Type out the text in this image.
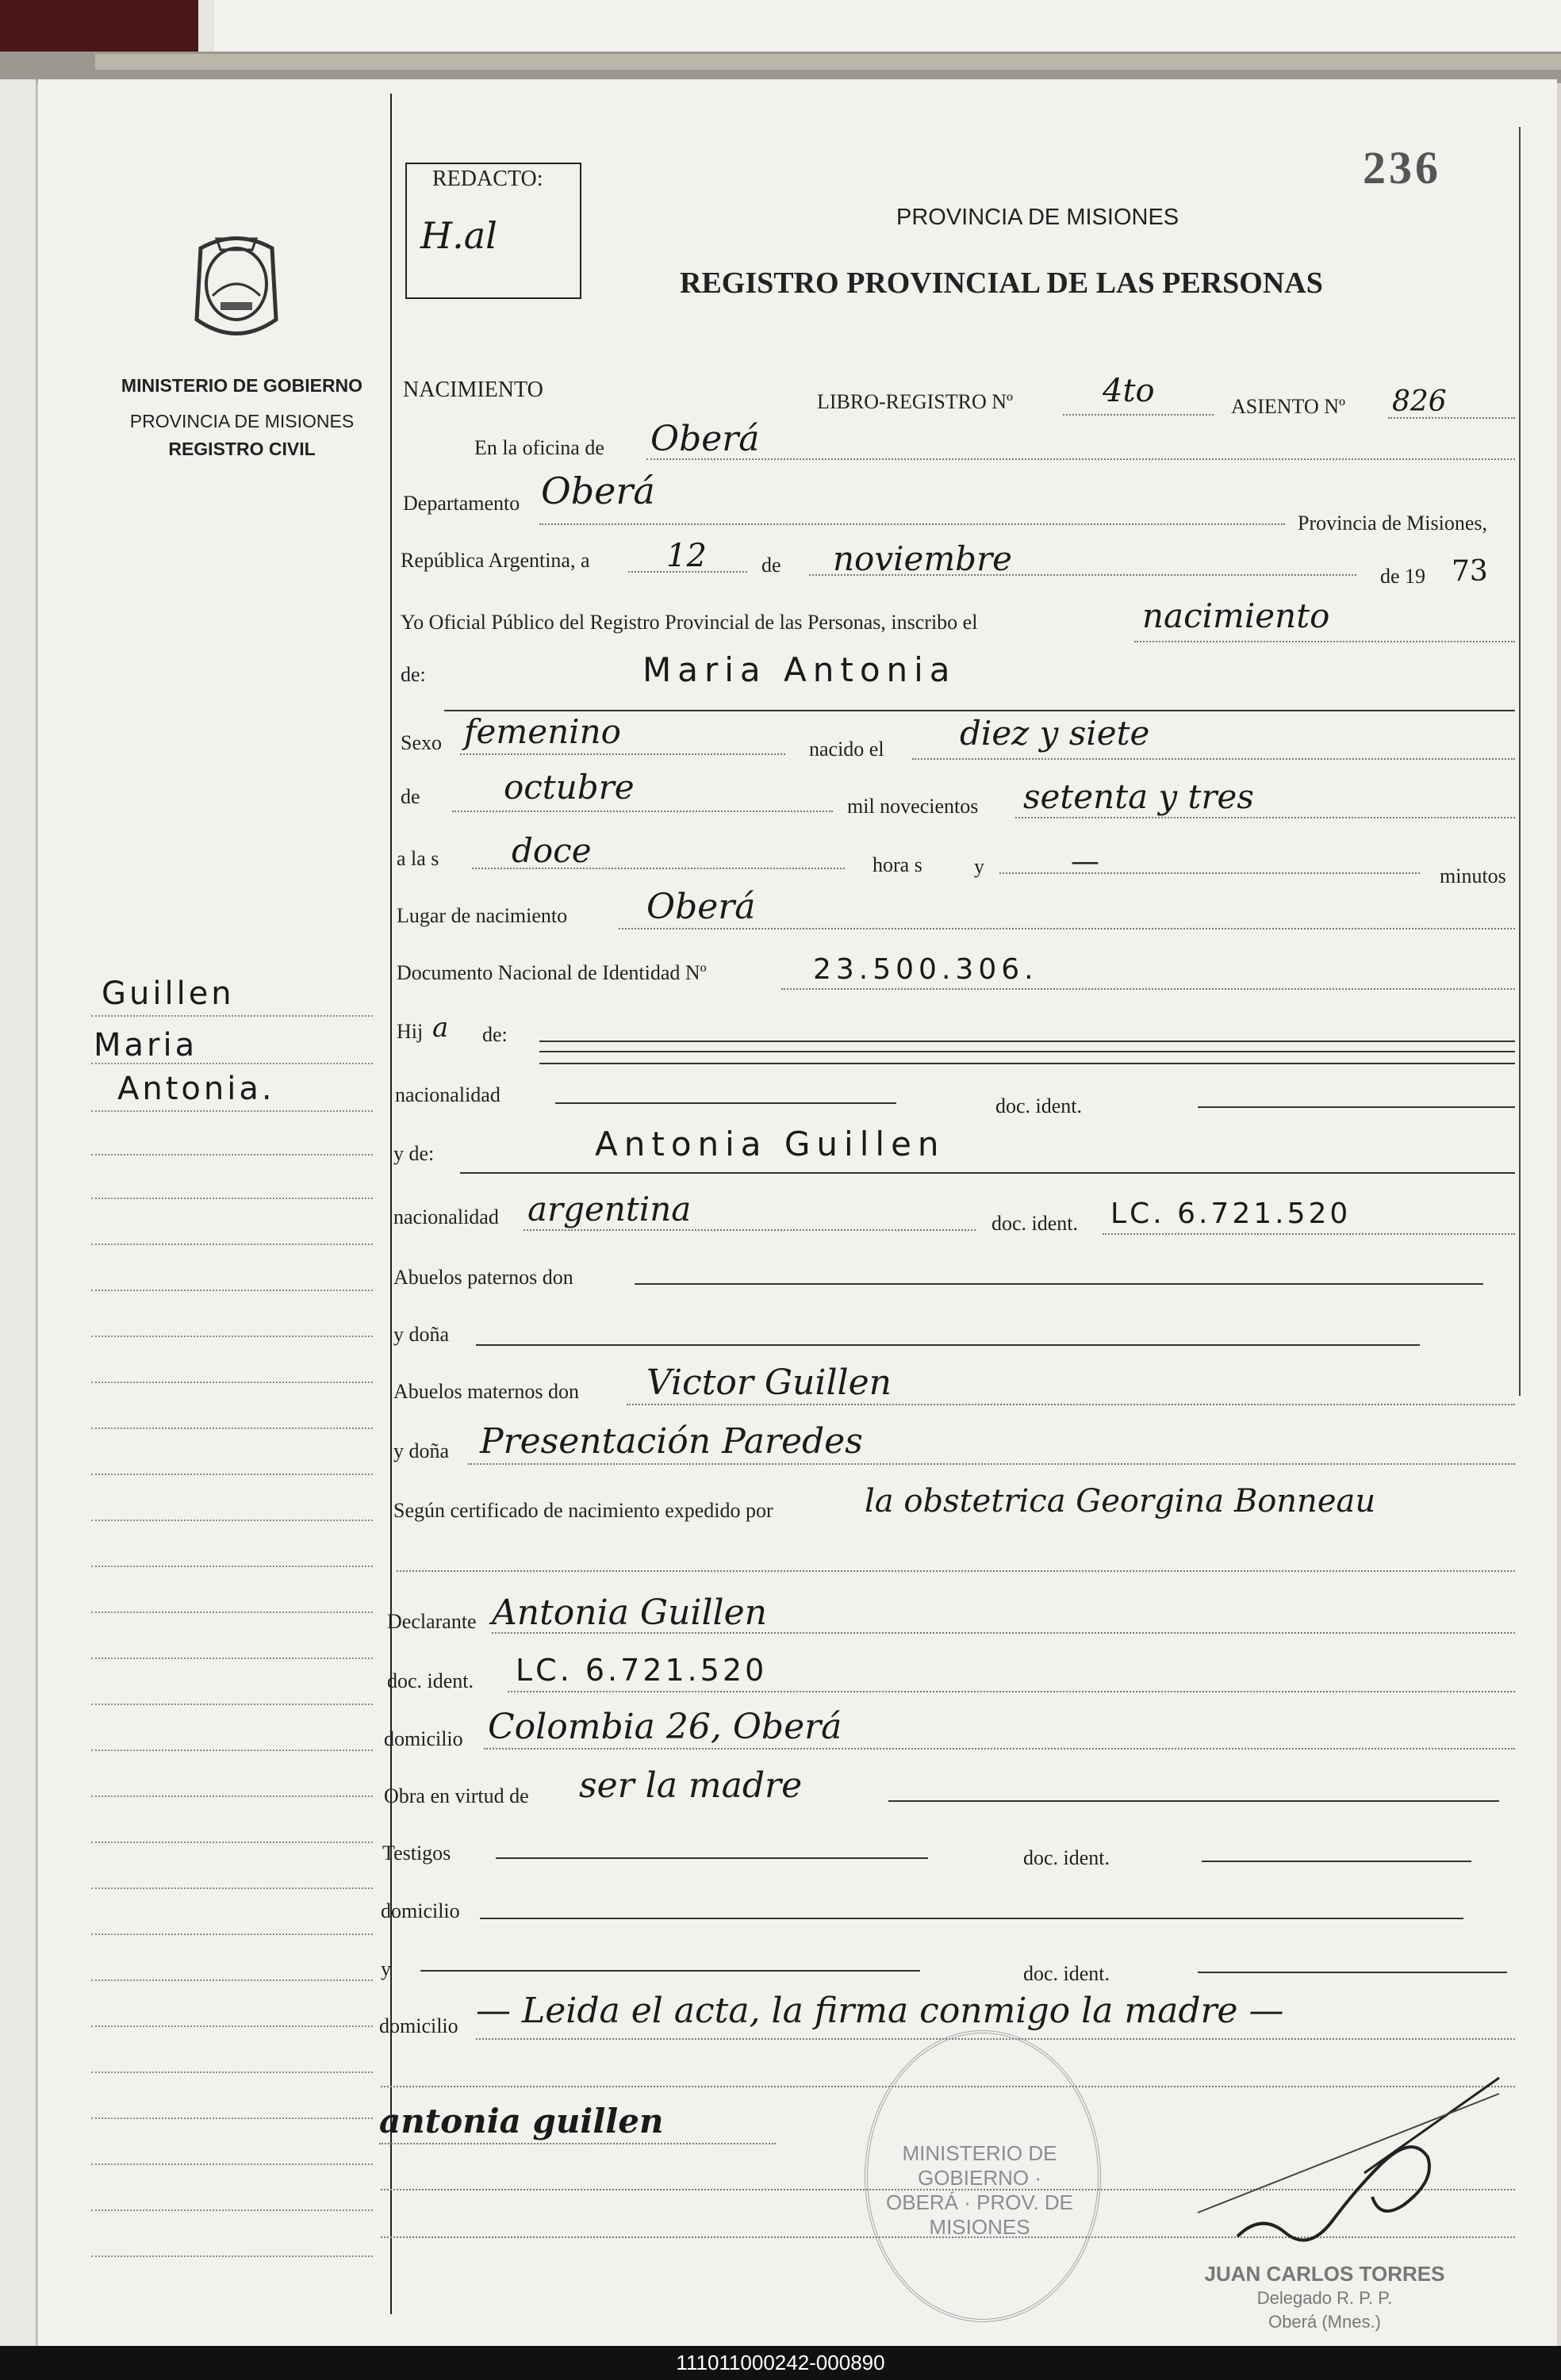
236
REDACTO:
H.al	PROVINCIA DE MISIONES
REGISTRO PROVINCIAL DE LAS PERSONAS
MINISTERIO DE GOBIERNO
PROVINCIA DE MISIONES
REGISTRO CIVIL
Guillen
Maria
Antonia.
NACIMIENTO	LIBRO-REGISTRO Nº	4to	ASIENTO Nº 826
En la oficina de Oberá
Departamento Oberá
Provincia de Misiones,
República Argentina, a 12	de noviembre	de 19 73
Yo Oficial Público del Registro Provincial de las Personas, inscribo el	nacimiento
de:	Maria Antonia
Sexo femenino	nacido el diez y siete
de	octubre	mil novecientos setenta y tres
a la s doce	hora s	y	—	minutos
Lugar de nacimiento Oberá
Documento Nacional de Identidad Nº	23.500.306.
Hij a de:
nacionalidad	doc. ident.
y de:	Antonia Guillen
nacionalidad argentina	doc. ident. LC. 6.721.520
Abuelos paternos don
y doña
Abuelos maternos don Victor Guillen
y doña Presentación Paredes
Según certificado de nacimiento expedido por	la obstetrica Georgina Bonneau
Declarante Antonia Guillen
doc. ident. LC. 6.721.520
domicilio Colombia 26, Oberá
Obra en virtud de ser la madre
Testigos	doc. ident.
domicilio
y	doc. ident.
domicilio — Leida el acta, la firma conmigo la madre —
antonia guillen
MINISTERIO DE GOBIERNO · OBERÁ · PROV. DE MISIONES
JUAN CARLOS TORRES
Delegado R. P. P.
Oberá (Mnes.)
111011000242-000890
